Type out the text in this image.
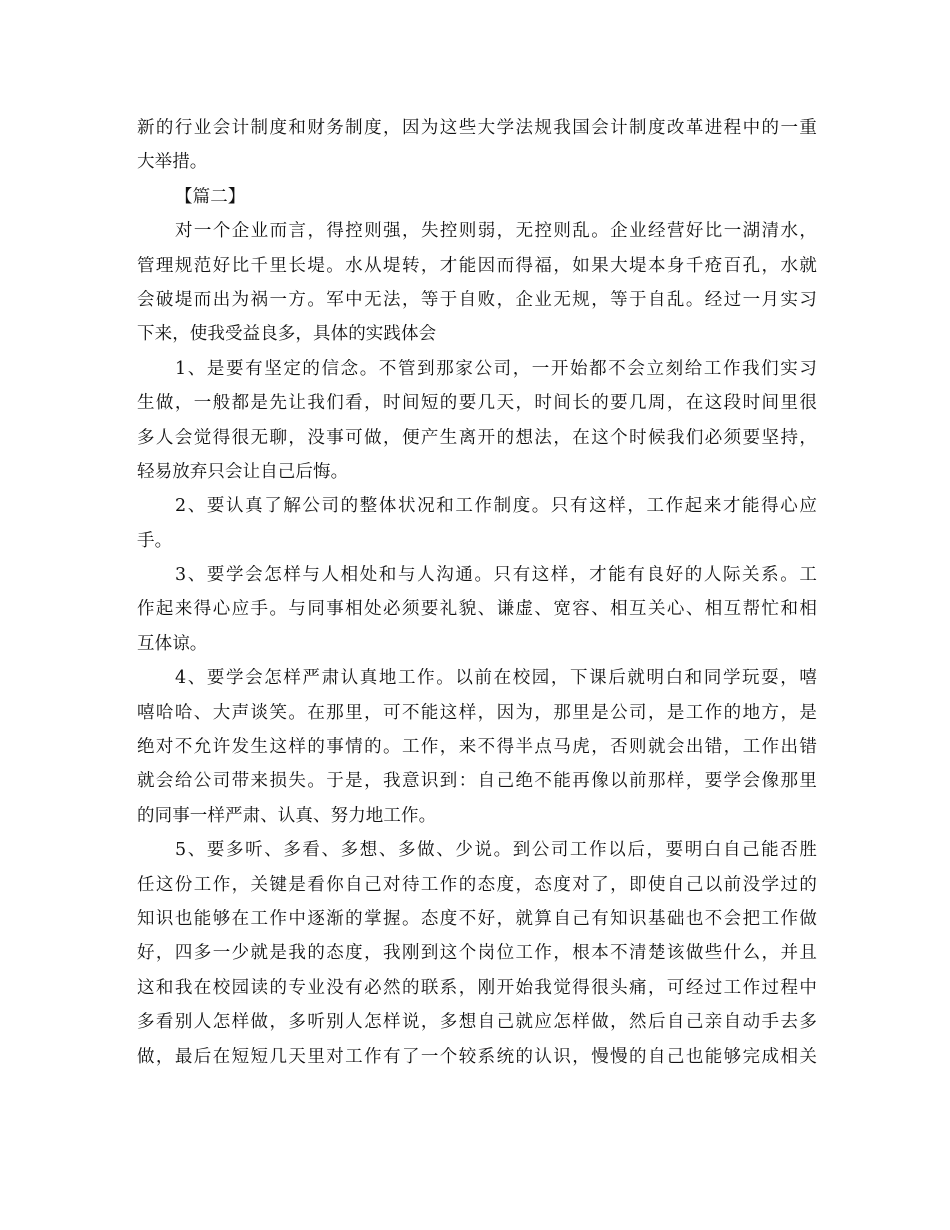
新的行业会计制度和财务制度，因为这些大学法规我国会计制度改革进程中的一重
大举措。
【篇二】
对一个企业而言，得控则强，失控则弱，无控则乱。企业经营好比一湖清水，
管理规范好比千里长堤。水从堤转，才能因而得福，如果大堤本身千疮百孔，水就
会破堤而出为祸一方。军中无法，等于自败，企业无规，等于自乱。经过一月实习
下来，使我受益良多，具体的实践体会
1、是要有坚定的信念。不管到那家公司，一开始都不会立刻给工作我们实习
生做，一般都是先让我们看，时间短的要几天，时间长的要几周，在这段时间里很
多人会觉得很无聊，没事可做，便产生离开的想法，在这个时候我们必须要坚持，
轻易放弃只会让自己后悔。
2、要认真了解公司的整体状况和工作制度。只有这样，工作起来才能得心应
手。
3、要学会怎样与人相处和与人沟通。只有这样，才能有良好的人际关系。工
作起来得心应手。与同事相处必须要礼貌、谦虚、宽容、相互关心、相互帮忙和相
互体谅。
4、要学会怎样严肃认真地工作。以前在校园，下课后就明白和同学玩耍，嘻
嘻哈哈、大声谈笑。在那里，可不能这样，因为，那里是公司，是工作的地方，是
绝对不允许发生这样的事情的。工作，来不得半点马虎，否则就会出错，工作出错
就会给公司带来损失。于是，我意识到：自己绝不能再像以前那样，要学会像那里
的同事一样严肃、认真、努力地工作。
5、要多听、多看、多想、多做、少说。到公司工作以后，要明白自己能否胜
任这份工作，关键是看你自己对待工作的态度，态度对了，即使自己以前没学过的
知识也能够在工作中逐渐的掌握。态度不好，就算自己有知识基础也不会把工作做
好，四多一少就是我的态度，我刚到这个岗位工作，根本不清楚该做些什么，并且
这和我在校园读的专业没有必然的联系，刚开始我觉得很头痛，可经过工作过程中
多看别人怎样做，多听别人怎样说，多想自己就应怎样做，然后自己亲自动手去多
做，最后在短短几天里对工作有了一个较系统的认识，慢慢的自己也能够完成相关
